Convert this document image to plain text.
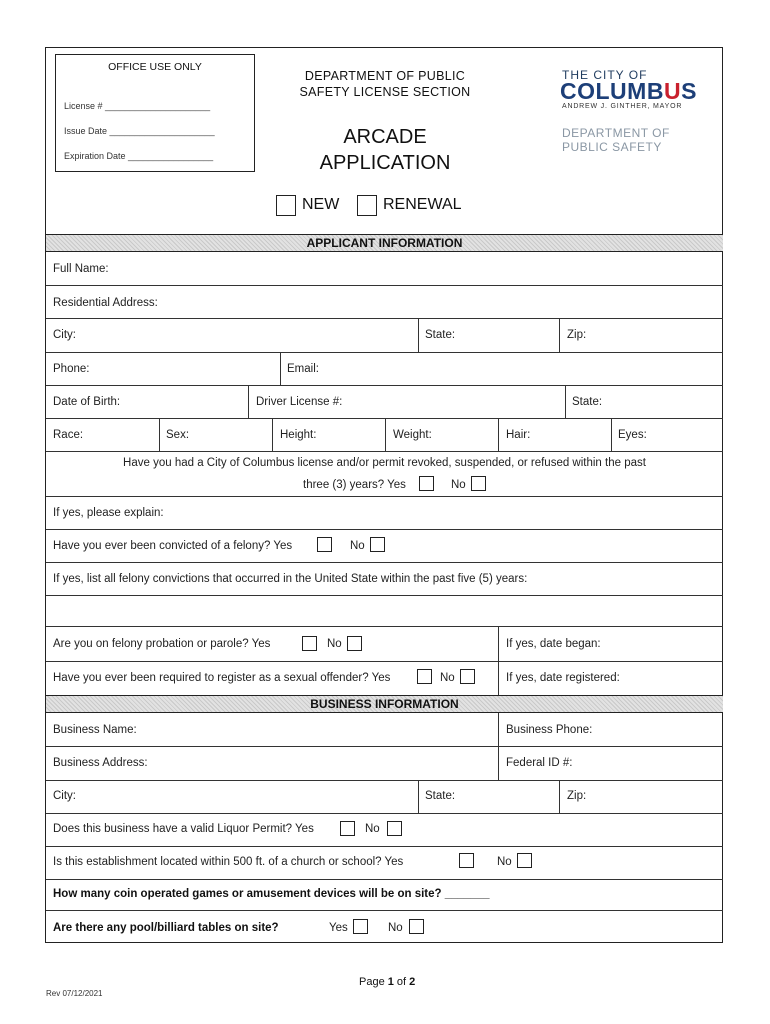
OFFICE USE ONLY
License # _____________________
Issue Date _____________________
Expiration Date _________________
DEPARTMENT OF PUBLIC
SAFETY LICENSE SECTION
ARCADE
APPLICATION
THE CITY OF
COLUMBUS
ANDREW J. GINTHER, MAYOR
DEPARTMENT OF
PUBLIC SAFETY
NEW	RENEWAL
APPLICANT INFORMATION
Full Name:
Residential Address:
City:	State:	Zip:
Phone:	Email:
Date of Birth:	Driver License #:	State:
Race:	Sex:	Height:	Weight:	Hair:	Eyes:
Have you had a City of Columbus license and/or permit revoked, suspended, or refused within the past
three (3) years? Yes	No
If yes, please explain:
Have you ever been convicted of a felony? Yes	No
If yes, list all felony convictions that occurred in the United State within the past five (5) years:
Are you on felony probation or parole? Yes	No	If yes, date began:
Have you ever been required to register as a sexual offender? Yes	No	If yes, date registered:
BUSINESS INFORMATION
Business Name:	Business Phone:
Business Address:	Federal ID #:
City:	State:	Zip:
Does this business have a valid Liquor Permit? Yes	No
Is this establishment located within 500 ft. of a church or school? Yes	No
How many coin operated games or amusement devices will be on site? _______
Are there any pool/billiard tables on site?	Yes	No
Page 1 of 2
Rev 07/12/2021
